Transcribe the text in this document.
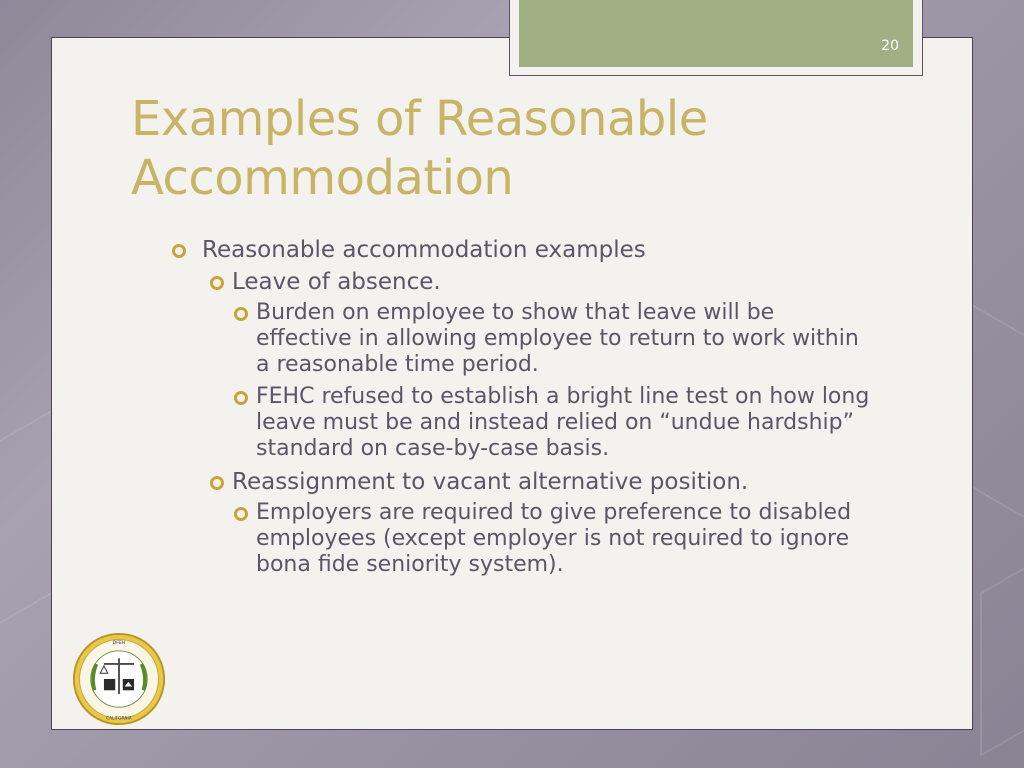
20
Examples of Reasonable Accommodation
Reasonable accommodation examples
Leave of absence.
Burden on employee to show that leave will be effective in allowing employee to return to work within a reasonable time period.
FEHC refused to establish a bright line test on how long leave must be and instead relied on “undue hardship” standard on case-by-case basis.
Reassignment to vacant alternative position.
Employers are required to give preference to disabled employees (except employer is not required to ignore bona fide seniority system).
DFEH
CALIFORNIA
